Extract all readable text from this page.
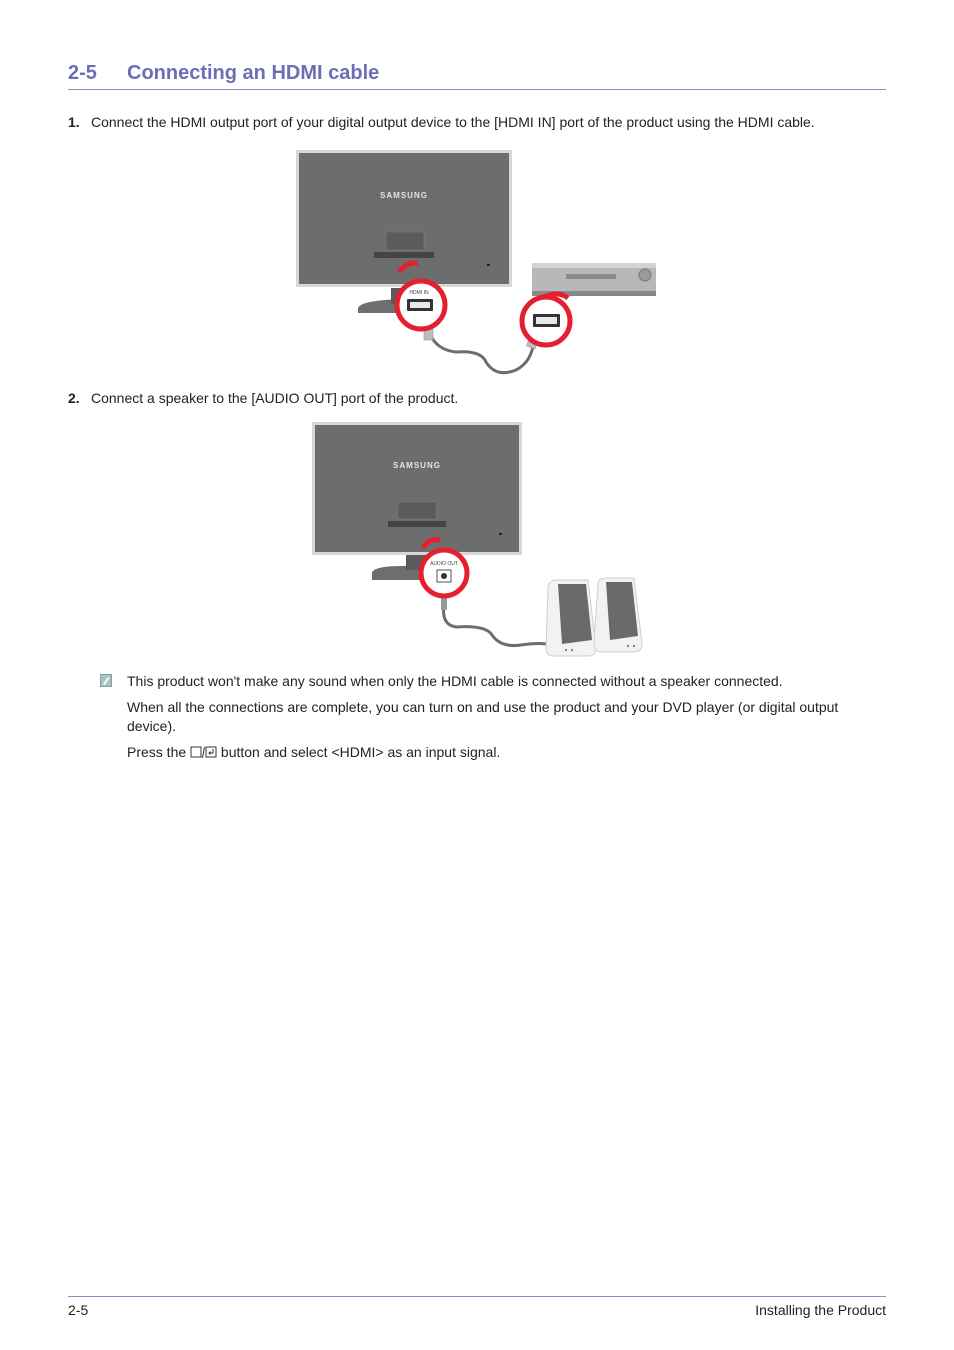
2-5 Connecting an HDMI cable
1. Connect the HDMI output port of your digital output device to the [HDMI IN] port of the product using the HDMI cable.
SAMSUNG
HDMI IN
2. Connect a speaker to the [AUDIO OUT] port of the product.
SAMSUNG
AUDIO OUT

This product won't make any sound when only the HDMI cable is connected without a speaker connected.

When all the connections are complete, you can turn on and use the product and your DVD player (or digital output device).

Press the button and select <HDMI> as an input signal.

2-5	Installing the Product
